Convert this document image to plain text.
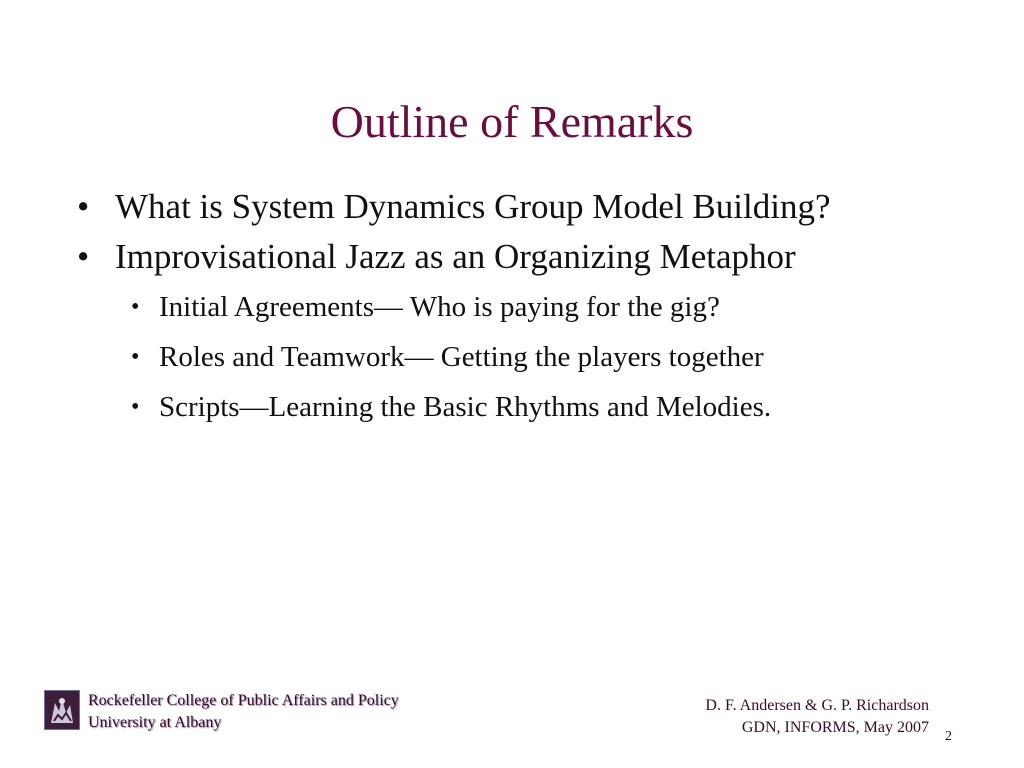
Outline of Remarks
• What is System Dynamics Group Model Building?
• Improvisational Jazz as an Organizing Metaphor
• Initial Agreements— Who is paying for the gig?
• Roles and Teamwork— Getting the players together
• Scripts—Learning the Basic Rhythms and Melodies.
Rockefeller College of Public Affairs and Policy
University at Albany
D. F. Andersen & G. P. Richardson
GDN, INFORMS, May 2007
2
